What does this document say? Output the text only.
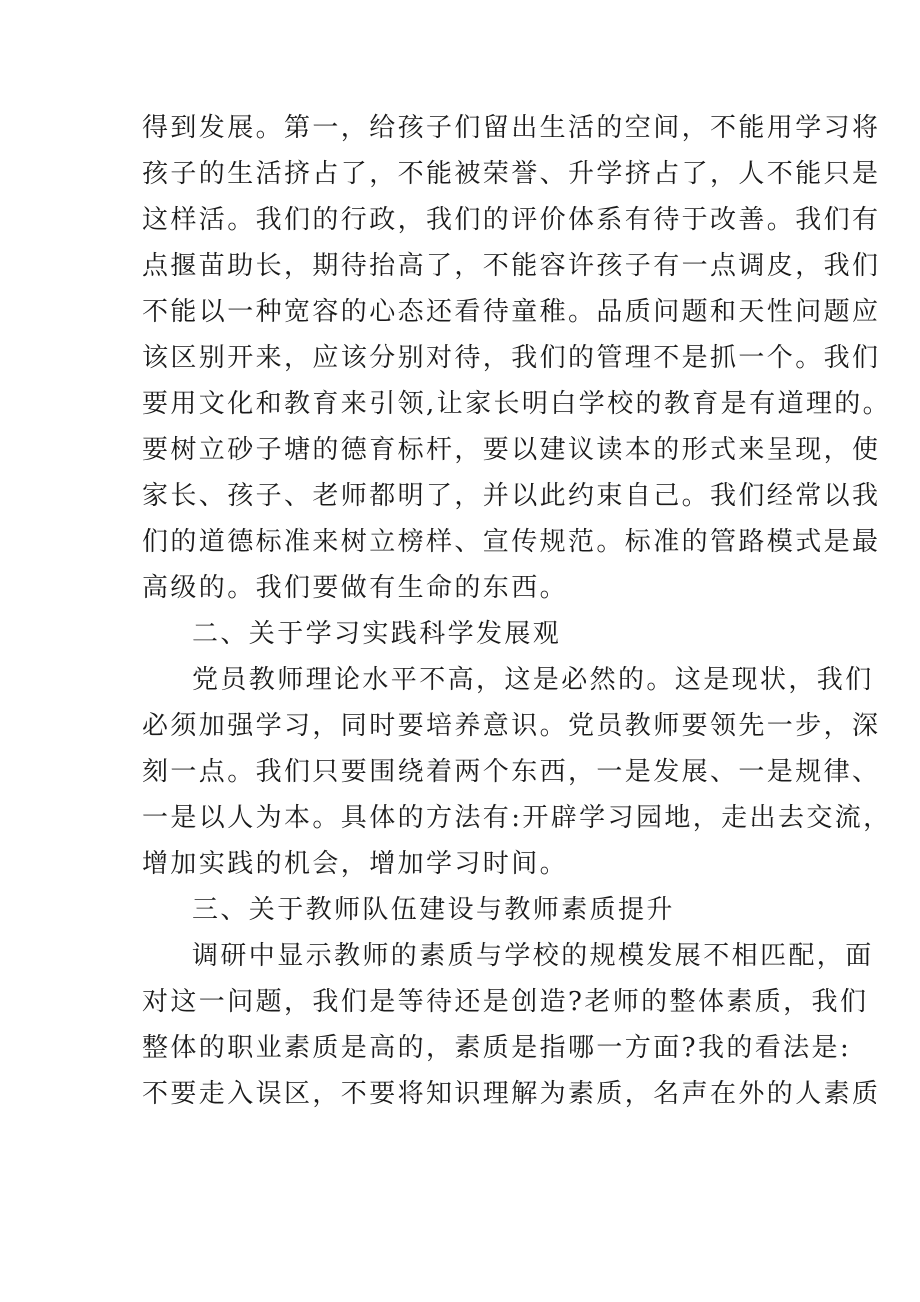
得到发展。第一，给孩子们留出生活的空间，不能用学习将
孩子的生活挤占了，不能被荣誉、升学挤占了，人不能只是
这样活。我们的行政，我们的评价体系有待于改善。我们有
点揠苗助长，期待抬高了，不能容许孩子有一点调皮，我们
不能以一种宽容的心态还看待童稚。品质问题和天性问题应
该区别开来，应该分别对待，我们的管理不是抓一个。我们
要用文化和教育来引领,让家长明白学校的教育是有道理的。
要树立砂子塘的德育标杆，要以建议读本的形式来呈现，使
家长、孩子、老师都明了，并以此约束自己。我们经常以我
们的道德标准来树立榜样、宣传规范。标准的管路模式是最
高级的。我们要做有生命的东西。
二、关于学习实践科学发展观
党员教师理论水平不高，这是必然的。这是现状，我们
必须加强学习，同时要培养意识。党员教师要领先一步，深
刻一点。我们只要围绕着两个东西，一是发展、一是规律、
一是以人为本。具体的方法有:开辟学习园地，走出去交流，
增加实践的机会，增加学习时间。
三、关于教师队伍建设与教师素质提升
调研中显示教师的素质与学校的规模发展不相匹配，面
对这一问题，我们是等待还是创造?老师的整体素质，我们
整体的职业素质是高的，素质是指哪一方面?我的看法是:
不要走入误区，不要将知识理解为素质，名声在外的人素质
